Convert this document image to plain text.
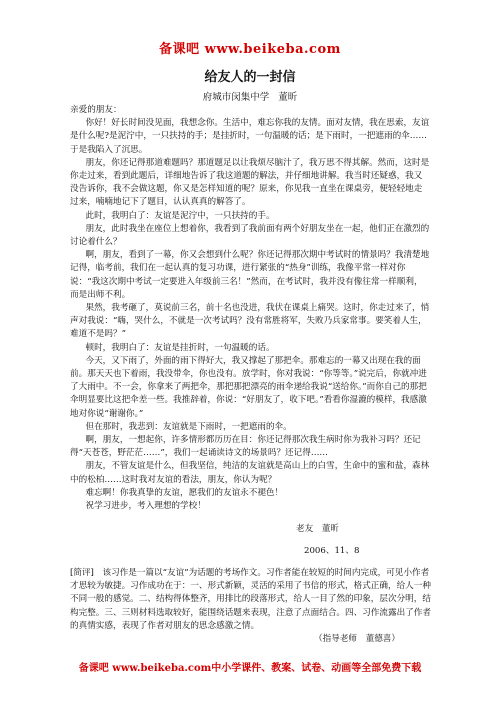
备课吧 www.beikeba.com
给友人的一封信
府城市闵集中学 董昕

亲爱的朋友：

你好！好长时间没见面，我想念你。生活中，难忘你我的友情。面对友情，我在思索，友谊是什么呢?是泥泞中，一只扶持的手；是挂折时，一句温暖的话；是下雨时，一把遮雨的伞……于是我陷入了沉思。

朋友，你还记得那道难题吗？那道题足以让我烦尽脑汁了，我万思不得其解。然而，这时是你走过来，看到此题后，详细地告诉了我这道题的解法，并仔细地讲解。我当时还疑惑，我又没告诉你，我不会做这题，你又是怎样知道的呢？原来，你见我一直坐在课桌旁，便轻轻地走过来，喃喃地记下了题目，认认真真的解答了。

此时，我明白了：友谊是泥泞中，一只扶持的手。

朋友，此时我坐在座位上想着你，我看到了我前面有两个好朋友坐在一起，他们正在激烈的讨论着什么？

啊，朋友，看到了一幕，你又会想到什么呢？你还记得那次期中考试时的情景吗？我清楚地记得，临考前，我们在一起认真的复习功课，进行紧张的“热身”训练，我像平常一样对你说：“我这次期中考试一定要进入年级前三名！”然而，在考试时，我并没有像往常一样顺利，而是出师不利。

果然，我考砸了，莫说前三名，前十名也没进，我伏在课桌上痛哭。这时，你走过来了，悄声对我说：“嗨，哭什么，不就是一次考试吗？没有常胜将军，失败乃兵家常事。要笑着人生，难道不是吗？”

顿时，我明白了：友谊是挂折时，一句温暖的话。

今天，又下雨了，外面的雨下得好大，我又撑起了那把伞。那难忘的一幕又出现在我的面前。那天天也下着雨，我没带伞，你也没有。放学时，你对我说：“你等等。”说完后，你就冲进了大雨中。不一会，你拿来了两把伞，那把那把漂亮的雨伞递给我说“送给你。”而你自己的那把伞明显要比这把伞差一些。我推辞着，你说：“好朋友了，收下吧。”看看你湿漉的模样，我感激地对你说“谢谢你。”

但在那时，我悲到：友谊就是下雨时，一把遮雨的伞。

啊，朋友，一想起你，许多情形都历历在目：你还记得那次我生病时你为我补习吗？还记得“天苍苍，野茫茫……”，我们一起诵读诗文的场景吗？还记得……

朋友，不管友谊是什么，但我坚信，纯洁的友谊就是高山上的白雪，生命中的蜜和盐，森林中的松柏……这时我对友谊的看法，朋友，你认为呢？

难忘啊！你我真挚的友谊，愿我们的友谊永不褪色！

祝学习进步，考入理想的学校！

老友　董昕
2006、11、8

[简评]　该习作是一篇以“友谊”为话题的考场作文。习作者能在较短的时间内完成，可见小作者才思较为敏捷。习作成功在于：一、形式新颖，灵活的采用了书信的形式，格式正确，给人一种不同一般的感觉。二、结构得体整齐，用排比的段落形式，给人一目了然的印象，层次分明，结构完整。三、三则材料选取较好，能围绕话题来表现，注意了点面结合。四、习作流露出了作者的真情实感，表现了作者对朋友的思念感激之情。

（指导老师　董德喜）

备课吧 www.beikeba.com中小学课件、教案、试卷、动画等全部免费下载
